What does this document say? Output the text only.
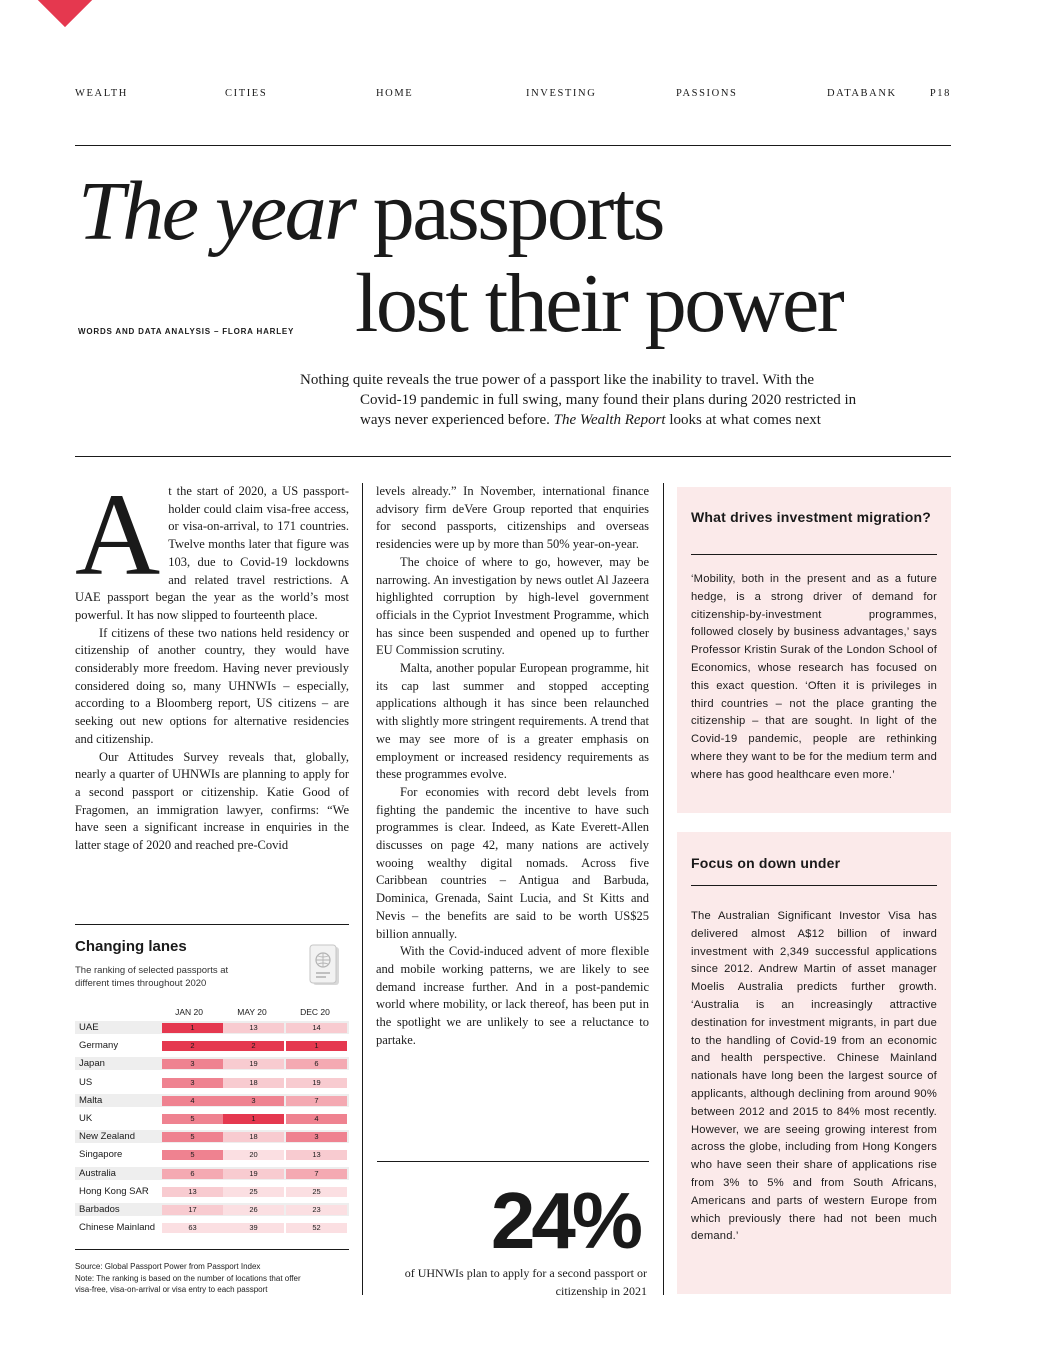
WEALTH	CITIES	HOME	INVESTING	PASSIONS	DATABANK	P18
The year passports
lost their power
WORDS AND DATA ANALYSIS – FLORA HARLEY
Nothing quite reveals the true power of a passport like the inability to travel. With the
Covid-19 pandemic in full swing, many found their plans during 2020 restricted in
ways never experienced before. The Wealth Report looks at what comes next

At the start of 2020, a US passport-holder could claim visa-free access, or visa-on-arrival, to 171 countries. Twelve months later that figure was 103, due to Covid-19 lockdowns and related travel restrictions. A UAE passport began the year as the world’s most powerful. It has now slipped to fourteenth place.

If citizens of these two nations held residency or citizenship of another country, they would have considerably more freedom. Having never previously considered doing so, many UHNWIs – especially, according to a Bloomberg report, US citizens – are seeking out new options for alternative residencies and citizenship.

Our Attitudes Survey reveals that, globally, nearly a quarter of UHNWIs are planning to apply for a second passport or citizenship. Katie Good of Fragomen, an immigration lawyer, confirms: “We have seen a significant increase in enquiries in the latter stage of 2020 and reached pre-Covid

levels already.” In November, international finance advisory firm deVere Group reported that enquiries for second passports, citizenships and overseas residencies were up by more than 50% year-on-year.

The choice of where to go, however, may be narrowing. An investigation by news outlet Al Jazeera highlighted corruption by high-level government officials in the Cypriot Investment Programme, which has since been suspended and opened up to further EU Commission scrutiny.

Malta, another popular European programme, hit its cap last summer and stopped accepting applications although it has since been relaunched with slightly more stringent requirements. A trend that we may see more of is a greater emphasis on employment or increased residency requirements as these programmes evolve.

For economies with record debt levels from fighting the pandemic the incentive to have such programmes is clear. Indeed, as Kate Everett-Allen discusses on page 42, many nations are actively wooing wealthy digital nomads. Across five Caribbean countries – Antigua and Barbuda, Dominica, Grenada, Saint Lucia, and St Kitts and Nevis – the benefits are said to be worth US$25 billion annually.

With the Covid-induced advent of more flexible and mobile working patterns, we are likely to see demand increase further. And in a post-pandemic world where mobility, or lack thereof, has been put in the spotlight we are unlikely to see a reluctance to partake.

24%
of UHNWIs plan to apply for a second passport or citizenship in 2021
What drives investment migration?
‘Mobility, both in the present and as a future hedge, is a strong driver of demand for citizenship-by-investment programmes, followed closely by business advantages,’ says Professor Kristin Surak of the London School of Economics, whose research has focused on this exact question. ‘Often it is privileges in third countries – not the place granting the citizenship – that are sought. In light of the Covid-19 pandemic, people are rethinking where they want to be for the medium term and where has good healthcare even more.’
Focus on down under
The Australian Significant Investor Visa has delivered almost A$12 billion of inward investment with 2,349 successful applications since 2012. Andrew Martin of asset manager Moelis Australia predicts further growth. ‘Australia is an increasingly attractive destination for investment migrants, in part due to the handling of Covid-19 from an economic and health perspective. Chinese Mainland nationals have long been the largest source of applicants, although declining from around 90% between 2012 and 2015 to 84% most recently. However, we are seeing growing interest from across the globe, including from Hong Kongers who have seen their share of applications rise from 3% to 5% and from South Africans, Americans and parts of western Europe from which previously there had not been much demand.’
Changing lanes
The ranking of selected passports at
different times throughout 2020
JAN 20	MAY 20	DEC 20
UAE	1	13	14
Germany	2	2	1
Japan	3	19	6
US	3	18	19
Malta	4	3	7
UK	5	1	4
New Zealand	5	18	3
Singapore	5	20	13
Australia	6	19	7
Hong Kong SAR	13	25	25
Barbados	17	26	23
Chinese Mainland	63	39	52
Source: Global Passport Power from Passport Index
Note: The ranking is based on the number of locations that offer
visa-free, visa-on-arrival or visa entry to each passport
